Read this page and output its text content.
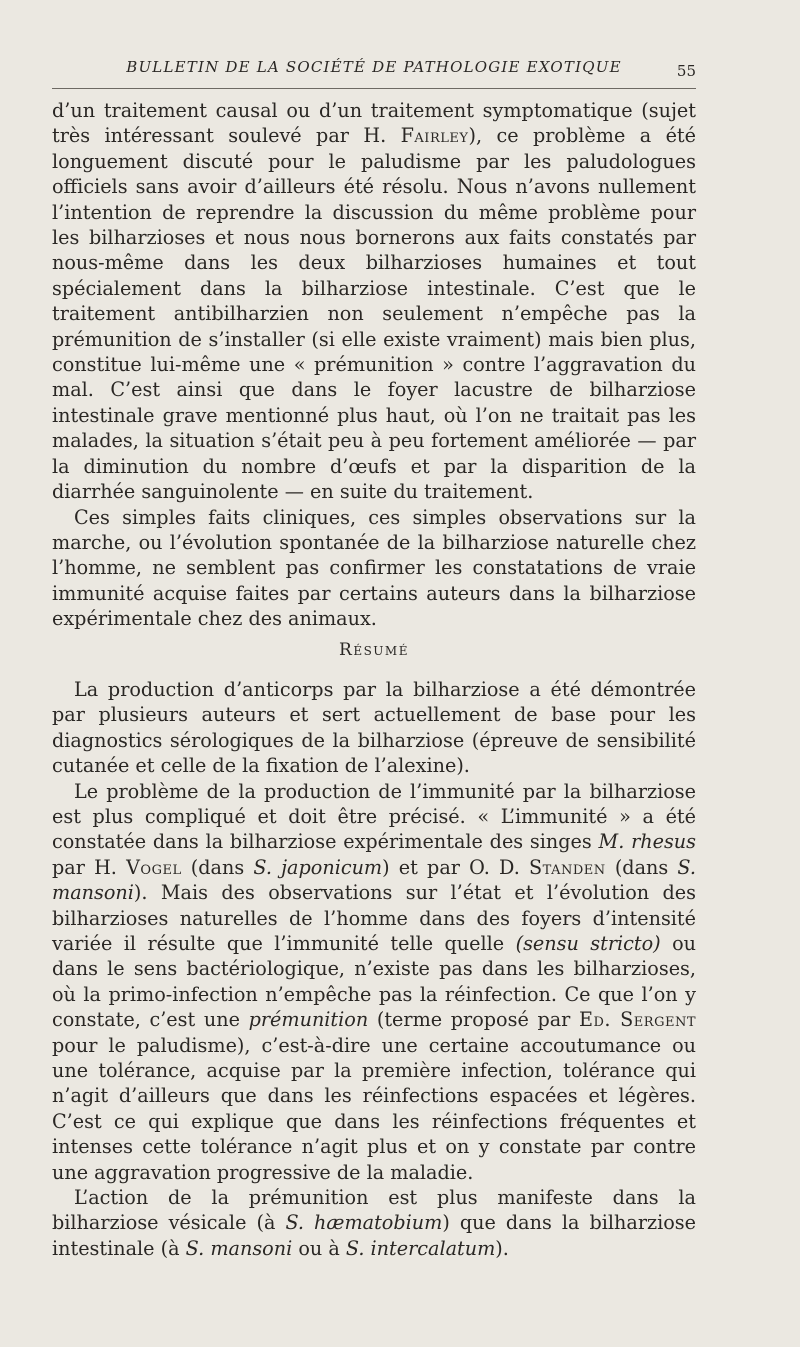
BULLETIN DE LA SOCIÉTÉ DE PATHOLOGIE EXOTIQUE	55

d’un traitement causal ou d’un traitement symptomatique (sujet très intéressant soulevé par H. Fairley), ce problème a été longuement discuté pour le paludisme par les paludologues officiels sans avoir d’ailleurs été résolu. Nous n’avons nullement l’intention de reprendre la discussion du même problème pour les bilharzioses et nous nous bornerons aux faits constatés par nous-même dans les deux bilharzioses humaines et tout spécialement dans la bilharziose intestinale. C’est que le traitement antibilharzien non seulement n’empêche pas la prémunition de s’installer (si elle existe vraiment) mais bien plus, constitue lui-même une « prémunition » contre l’aggravation du mal. C’est ainsi que dans le foyer lacustre de bilharziose intestinale grave mentionné plus haut, où l’on ne traitait pas les malades, la situation s’était peu à peu fortement améliorée — par la diminution du nombre d’œufs et par la disparition de la diarrhée sanguinolente — en suite du traitement.

Ces simples faits cliniques, ces simples observations sur la marche, ou l’évolution spontanée de la bilharziose naturelle chez l’homme, ne semblent pas confirmer les constatations de vraie immunité acquise faites par certains auteurs dans la bilharziose expérimentale chez des animaux.

Résumé

La production d’anticorps par la bilharziose a été démontrée par plusieurs auteurs et sert actuellement de base pour les diagnostics sérologiques de la bilharziose (épreuve de sensibilité cutanée et celle de la fixation de l’alexine).

Le problème de la production de l’immunité par la bilharziose est plus compliqué et doit être précisé. « L’immunité » a été constatée dans la bilharziose expérimentale des singes M. rhesus par H. Vogel (dans S. japonicum) et par O. D. Standen (dans S. mansoni). Mais des observations sur l’état et l’évolution des bilharzioses naturelles de l’homme dans des foyers d’intensité variée il résulte que l’immunité telle quelle (sensu stricto) ou dans le sens bactériologique, n’existe pas dans les bilharzioses, où la primo-infection n’empêche pas la réinfection. Ce que l’on y constate, c’est une prémunition (terme proposé par Ed. Sergent pour le paludisme), c’est-à-dire une certaine accoutumance ou une tolérance, acquise par la première infection, tolérance qui n’agit d’ailleurs que dans les réinfections espacées et légères. C’est ce qui explique que dans les réinfections fréquentes et intenses cette tolérance n’agit plus et on y constate par contre une aggravation progressive de la maladie.

L’action de la prémunition est plus manifeste dans la bilharziose vésicale (à S. hæmatobium) que dans la bilharziose intestinale (à S. mansoni ou à S. intercalatum).
